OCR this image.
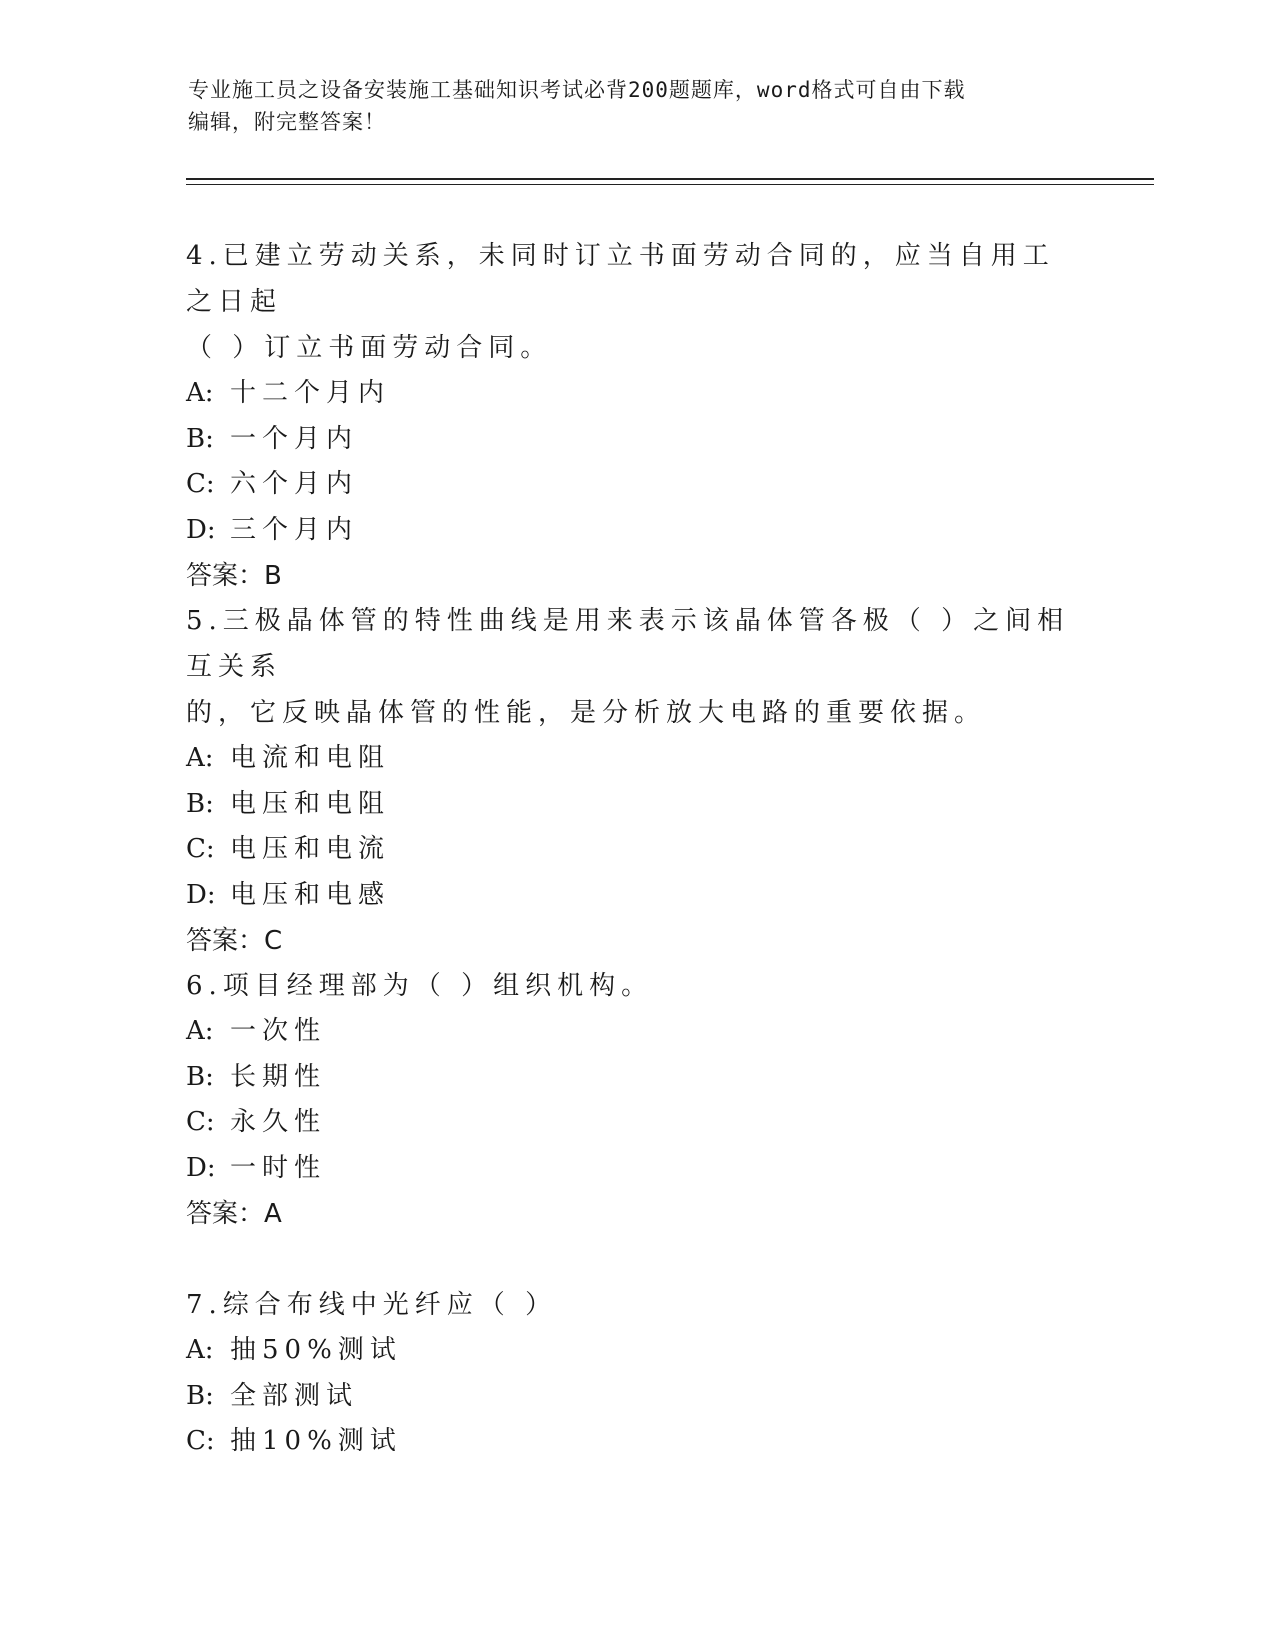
专业施工员之设备安装施工基础知识考试必背200题题库，word格式可自由下载
编辑，附完整答案！
4.已建立劳动关系，未同时订立书面劳动合同的，应当自用工之日起
（ ）订立书面劳动合同。
A: 十二个月内
B: 一个月内
C: 六个月内
D: 三个月内
答案：B
5.三极晶体管的特性曲线是用来表示该晶体管各极（ ）之间相互关系
的，它反映晶体管的性能，是分析放大电路的重要依据。
A: 电流和电阻
B: 电压和电阻
C: 电压和电流
D: 电压和电感
答案：C
6.项目经理部为（ ）组织机构。
A: 一次性
B: 长期性
C: 永久性
D: 一时性
答案：A
7.综合布线中光纤应（ ）
A: 抽50%测试
B: 全部测试
C: 抽10%测试
